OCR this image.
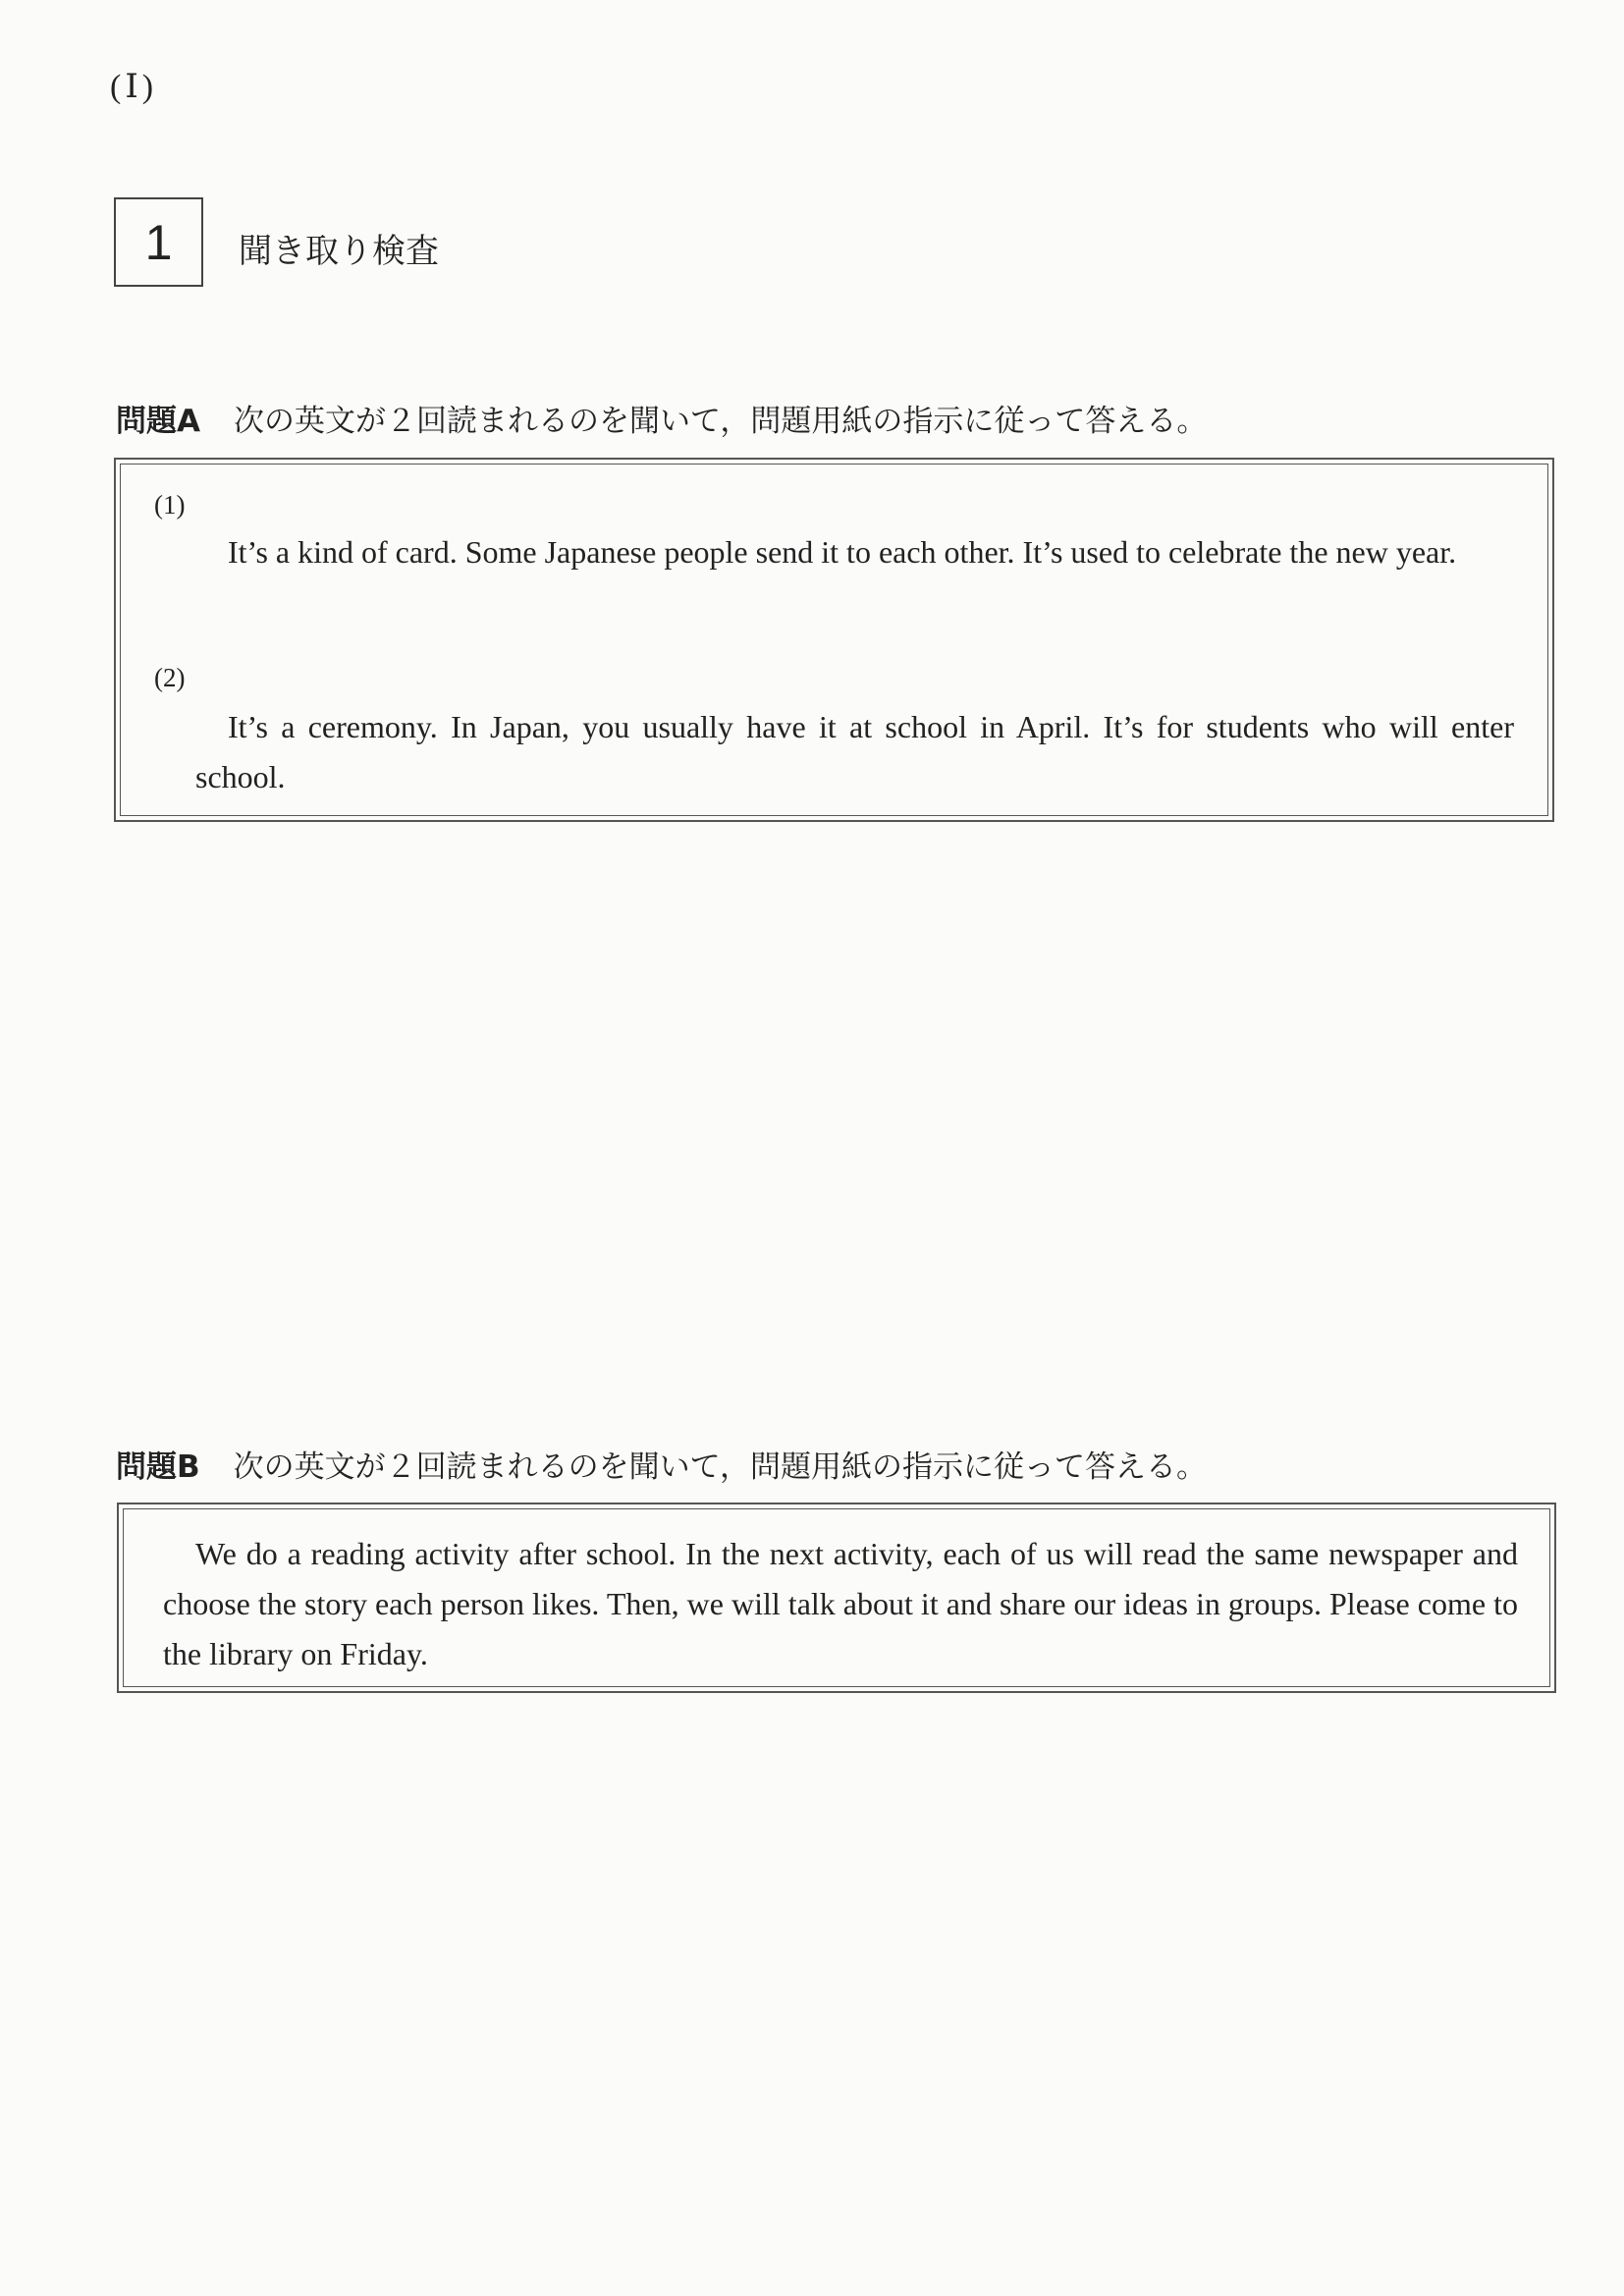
(Ⅰ)
1	聞き取り検査
問題A 次の英文が２回読まれるのを聞いて，問題用紙の指示に従って答える。
(1)
It’s a kind of card. Some Japanese people send it to each other. It’s used to celebrate the new year.
(2)
It’s a ceremony. In Japan, you usually have it at school in April. It’s for students who will enter school.
問題B 次の英文が２回読まれるのを聞いて，問題用紙の指示に従って答える。
We do a reading activity after school. In the next activity, each of us will read the same newspaper and choose the story each person likes. Then, we will talk about it and share our ideas in groups. Please come to the library on Friday.
